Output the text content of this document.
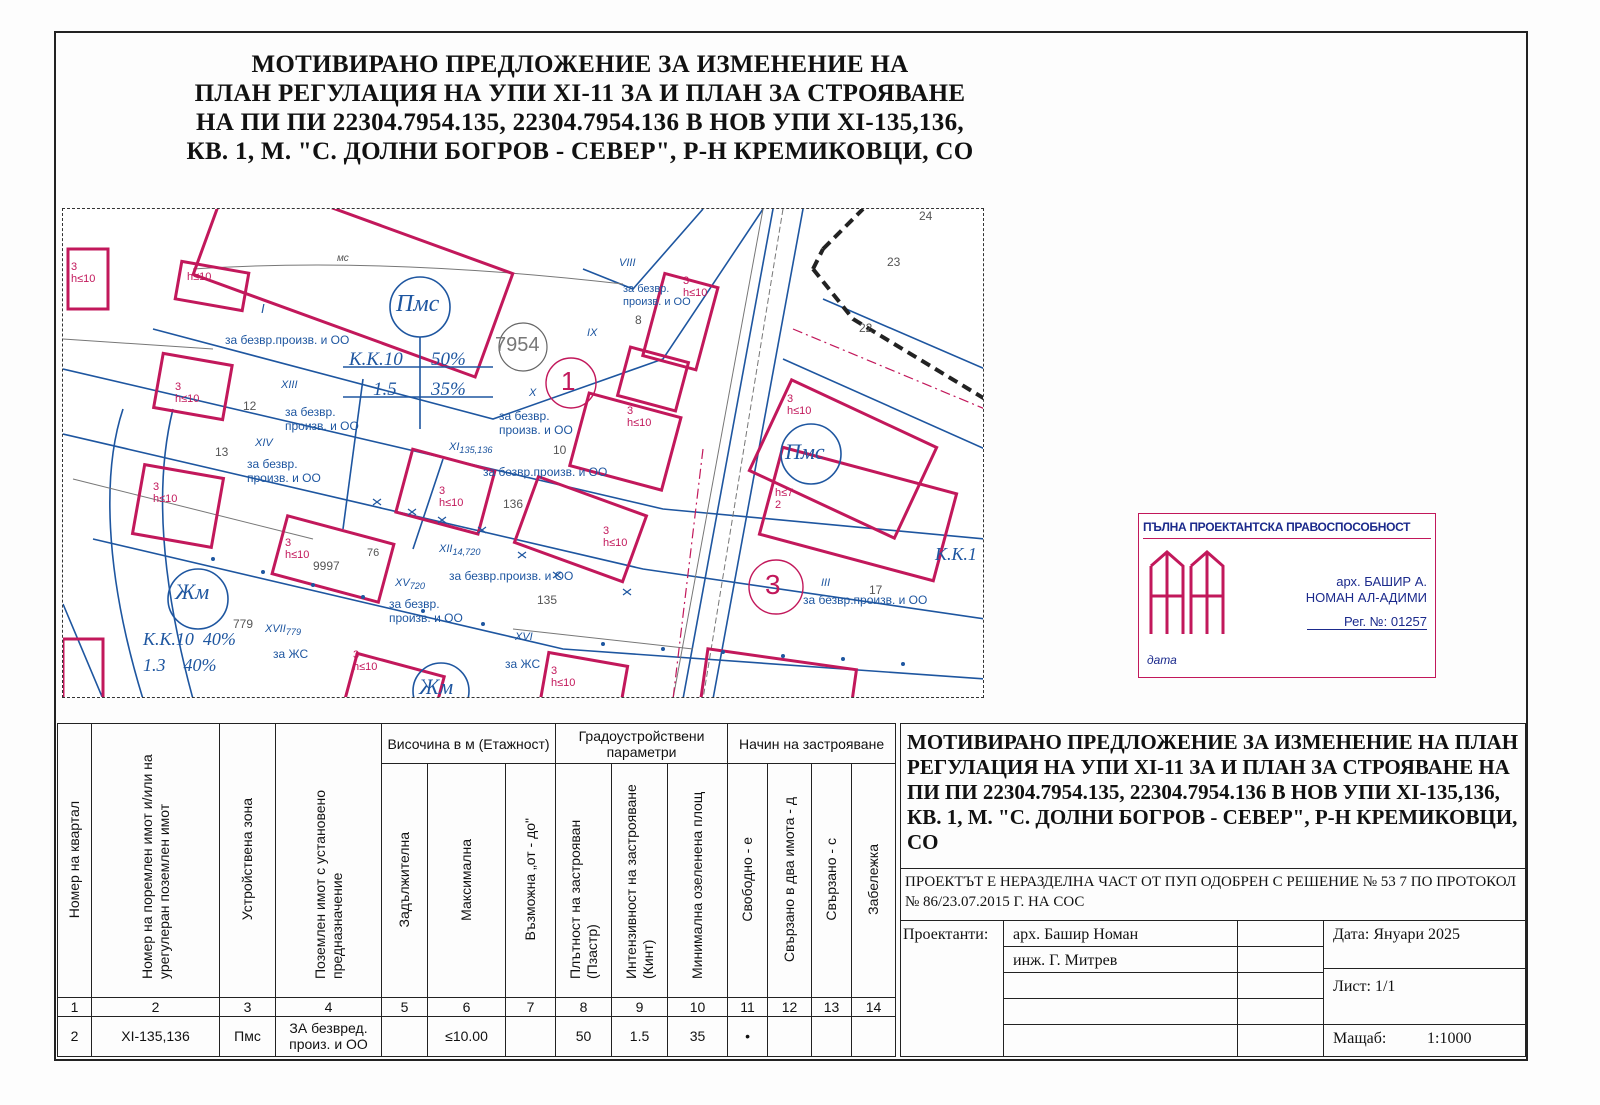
МОТИВИРАНО ПРЕДЛОЖЕНИЕ ЗА ИЗМЕНЕНИЕ НА
ПЛАН РЕГУЛАЦИЯ НА УПИ ХI-11 ЗА И ПЛАН ЗА СТРОЯВАНЕ
НА ПИ ПИ 22304.7954.135, 22304.7954.136 В НОВ УПИ ХI-135,136,
КВ. 1, М. "С. ДОЛНИ БОГРОВ - СЕВЕР", Р-Н КРЕМИКОВЦИ, СО
Пмс
Пмс
Жм
Жм
7954
К.К.10 50%
1.5 35%
К.К.10  40%
1.3    40%
К.К.1
1
3
за безвр.произв. и ОО
I
XIII
за безвр.
произв. и ОО
XIV
за безвр.
произв. и ОО
$XI_{135,136}$
за безвр.произв. и ОО
X
за безвр.
произв. и ОО
IX
VIII
за безвр.
произв. и ОО
$XII_{14,720}$
за безвр.произв. и ОО
$XV_{720}$
за безвр.
произв. и ОО
$XVII_{779}$
за ЖС
XVI
за ЖС
III
за безвр.произв. и ОО
3
h≤10
3
h≤10
3
h≤10
3
h≤10
3
h≤10
3
h≤10
3
h≤10
3
h≤10
h≤7
2
3
h≤10	3
h≤10
3
h≤10	h≤10
12
13	10
8
136
135
9997
779
76
23
22
24
17
мс
ПЪЛНА ПРОЕКТАНТСКА ПРАВОСПОСОБНОСТ
арх. БАШИР А.
НОМАН АЛ-АДИМИ
Рег. №: 01257
дата
Номер на квартал	Номер на поремлен имот и/или на урегулеран поземлен имот	Устройствена зона	Поземлен имот с установено предназначение	Височина в м (Етажност)			Градоустройствени параметри			Начин на застрояване			
				Задължителна	Максимална	Възможна „от - до"	Плътност на застрояван (Пзастр)	Интензивност на застрояване (Кинт)	Минимална озеленена площ	Свободно - е	Свързано в два имота - д	Свързано - с	Забележка
1	2	3	4	5	6	7	8	9	10	11	12	13	14
2	ХI-135,136	Пмс	ЗА безвред. произ. и ОО		≤10.00		50	1.5	35	•			
МОТИВИРАНО ПРЕДЛОЖЕНИЕ ЗА ИЗМЕНЕНИЕ НА ПЛАН РЕГУЛАЦИЯ НА УПИ ХI-11 ЗА И ПЛАН ЗА СТРОЯВАНЕ НА ПИ ПИ 22304.7954.135, 22304.7954.136 В НОВ УПИ ХI-135,136, КВ. 1, М. "С. ДОЛНИ БОГРОВ - СЕВЕР", Р-Н КРЕМИКОВЦИ, СО
ПРОЕКТЪТ Е НЕРАЗДЕЛНА ЧАСТ ОТ ПУП ОДОБРЕН С РЕШЕНИЕ № 53 7 ПО ПРОТОКОЛ № 86/23.07.2015 Г. НА СОС
Проектанти: арх. Башир Номан
инж. Г. Митрев
Дата: Януари 2025
Лист: 1/1
Мащаб:	1:1000
